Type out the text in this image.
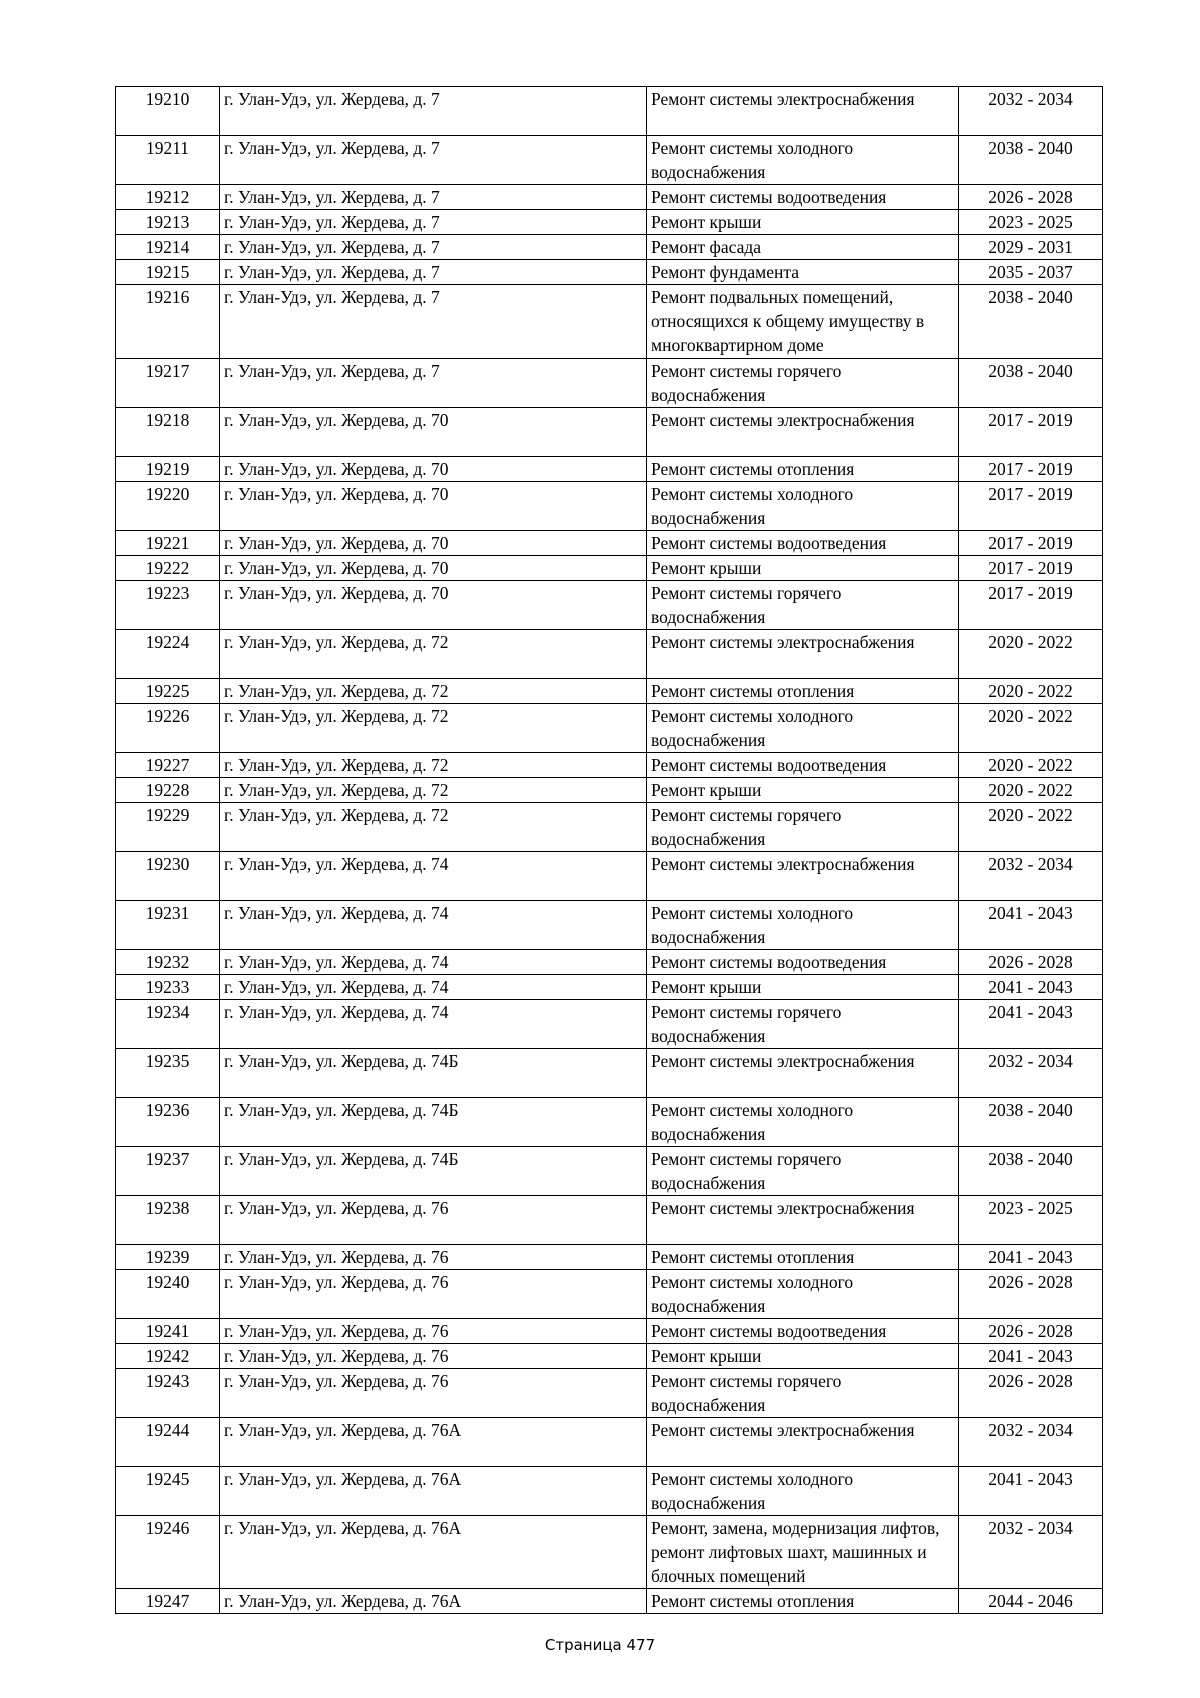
19210	г. Улан-Удэ, ул. Жердева, д. 7	Ремонт системы электроснабжения	2032 - 2034
19211	г. Улан-Удэ, ул. Жердева, д. 7	Ремонт системы холодного водоснабжения	2038 - 2040
19212	г. Улан-Удэ, ул. Жердева, д. 7	Ремонт системы водоотведения	2026 - 2028
19213	г. Улан-Удэ, ул. Жердева, д. 7	Ремонт крыши	2023 - 2025
19214	г. Улан-Удэ, ул. Жердева, д. 7	Ремонт фасада	2029 - 2031
19215	г. Улан-Удэ, ул. Жердева, д. 7	Ремонт фундамента	2035 - 2037
19216	г. Улан-Удэ, ул. Жердева, д. 7	Ремонт подвальных помещений, относящихся к общему имуществу в многоквартирном доме	2038 - 2040
19217	г. Улан-Удэ, ул. Жердева, д. 7	Ремонт системы горячего водоснабжения	2038 - 2040
19218	г. Улан-Удэ, ул. Жердева, д. 70	Ремонт системы электроснабжения	2017 - 2019
19219	г. Улан-Удэ, ул. Жердева, д. 70	Ремонт системы отопления	2017 - 2019
19220	г. Улан-Удэ, ул. Жердева, д. 70	Ремонт системы холодного водоснабжения	2017 - 2019
19221	г. Улан-Удэ, ул. Жердева, д. 70	Ремонт системы водоотведения	2017 - 2019
19222	г. Улан-Удэ, ул. Жердева, д. 70	Ремонт крыши	2017 - 2019
19223	г. Улан-Удэ, ул. Жердева, д. 70	Ремонт системы горячего водоснабжения	2017 - 2019
19224	г. Улан-Удэ, ул. Жердева, д. 72	Ремонт системы электроснабжения	2020 - 2022
19225	г. Улан-Удэ, ул. Жердева, д. 72	Ремонт системы отопления	2020 - 2022
19226	г. Улан-Удэ, ул. Жердева, д. 72	Ремонт системы холодного водоснабжения	2020 - 2022
19227	г. Улан-Удэ, ул. Жердева, д. 72	Ремонт системы водоотведения	2020 - 2022
19228	г. Улан-Удэ, ул. Жердева, д. 72	Ремонт крыши	2020 - 2022
19229	г. Улан-Удэ, ул. Жердева, д. 72	Ремонт системы горячего водоснабжения	2020 - 2022
19230	г. Улан-Удэ, ул. Жердева, д. 74	Ремонт системы электроснабжения	2032 - 2034
19231	г. Улан-Удэ, ул. Жердева, д. 74	Ремонт системы холодного водоснабжения	2041 - 2043
19232	г. Улан-Удэ, ул. Жердева, д. 74	Ремонт системы водоотведения	2026 - 2028
19233	г. Улан-Удэ, ул. Жердева, д. 74	Ремонт крыши	2041 - 2043
19234	г. Улан-Удэ, ул. Жердева, д. 74	Ремонт системы горячего водоснабжения	2041 - 2043
19235	г. Улан-Удэ, ул. Жердева, д. 74Б	Ремонт системы электроснабжения	2032 - 2034
19236	г. Улан-Удэ, ул. Жердева, д. 74Б	Ремонт системы холодного водоснабжения	2038 - 2040
19237	г. Улан-Удэ, ул. Жердева, д. 74Б	Ремонт системы горячего водоснабжения	2038 - 2040
19238	г. Улан-Удэ, ул. Жердева, д. 76	Ремонт системы электроснабжения	2023 - 2025
19239	г. Улан-Удэ, ул. Жердева, д. 76	Ремонт системы отопления	2041 - 2043
19240	г. Улан-Удэ, ул. Жердева, д. 76	Ремонт системы холодного водоснабжения	2026 - 2028
19241	г. Улан-Удэ, ул. Жердева, д. 76	Ремонт системы водоотведения	2026 - 2028
19242	г. Улан-Удэ, ул. Жердева, д. 76	Ремонт крыши	2041 - 2043
19243	г. Улан-Удэ, ул. Жердева, д. 76	Ремонт системы горячего водоснабжения	2026 - 2028
19244	г. Улан-Удэ, ул. Жердева, д. 76А	Ремонт системы электроснабжения	2032 - 2034
19245	г. Улан-Удэ, ул. Жердева, д. 76А	Ремонт системы холодного водоснабжения	2041 - 2043
19246	г. Улан-Удэ, ул. Жердева, д. 76А	Ремонт, замена, модернизация лифтов, ремонт лифтовых шахт, машинных и блочных помещений	2032 - 2034
19247	г. Улан-Удэ, ул. Жердева, д. 76А	Ремонт системы отопления	2044 - 2046
Страница 477
